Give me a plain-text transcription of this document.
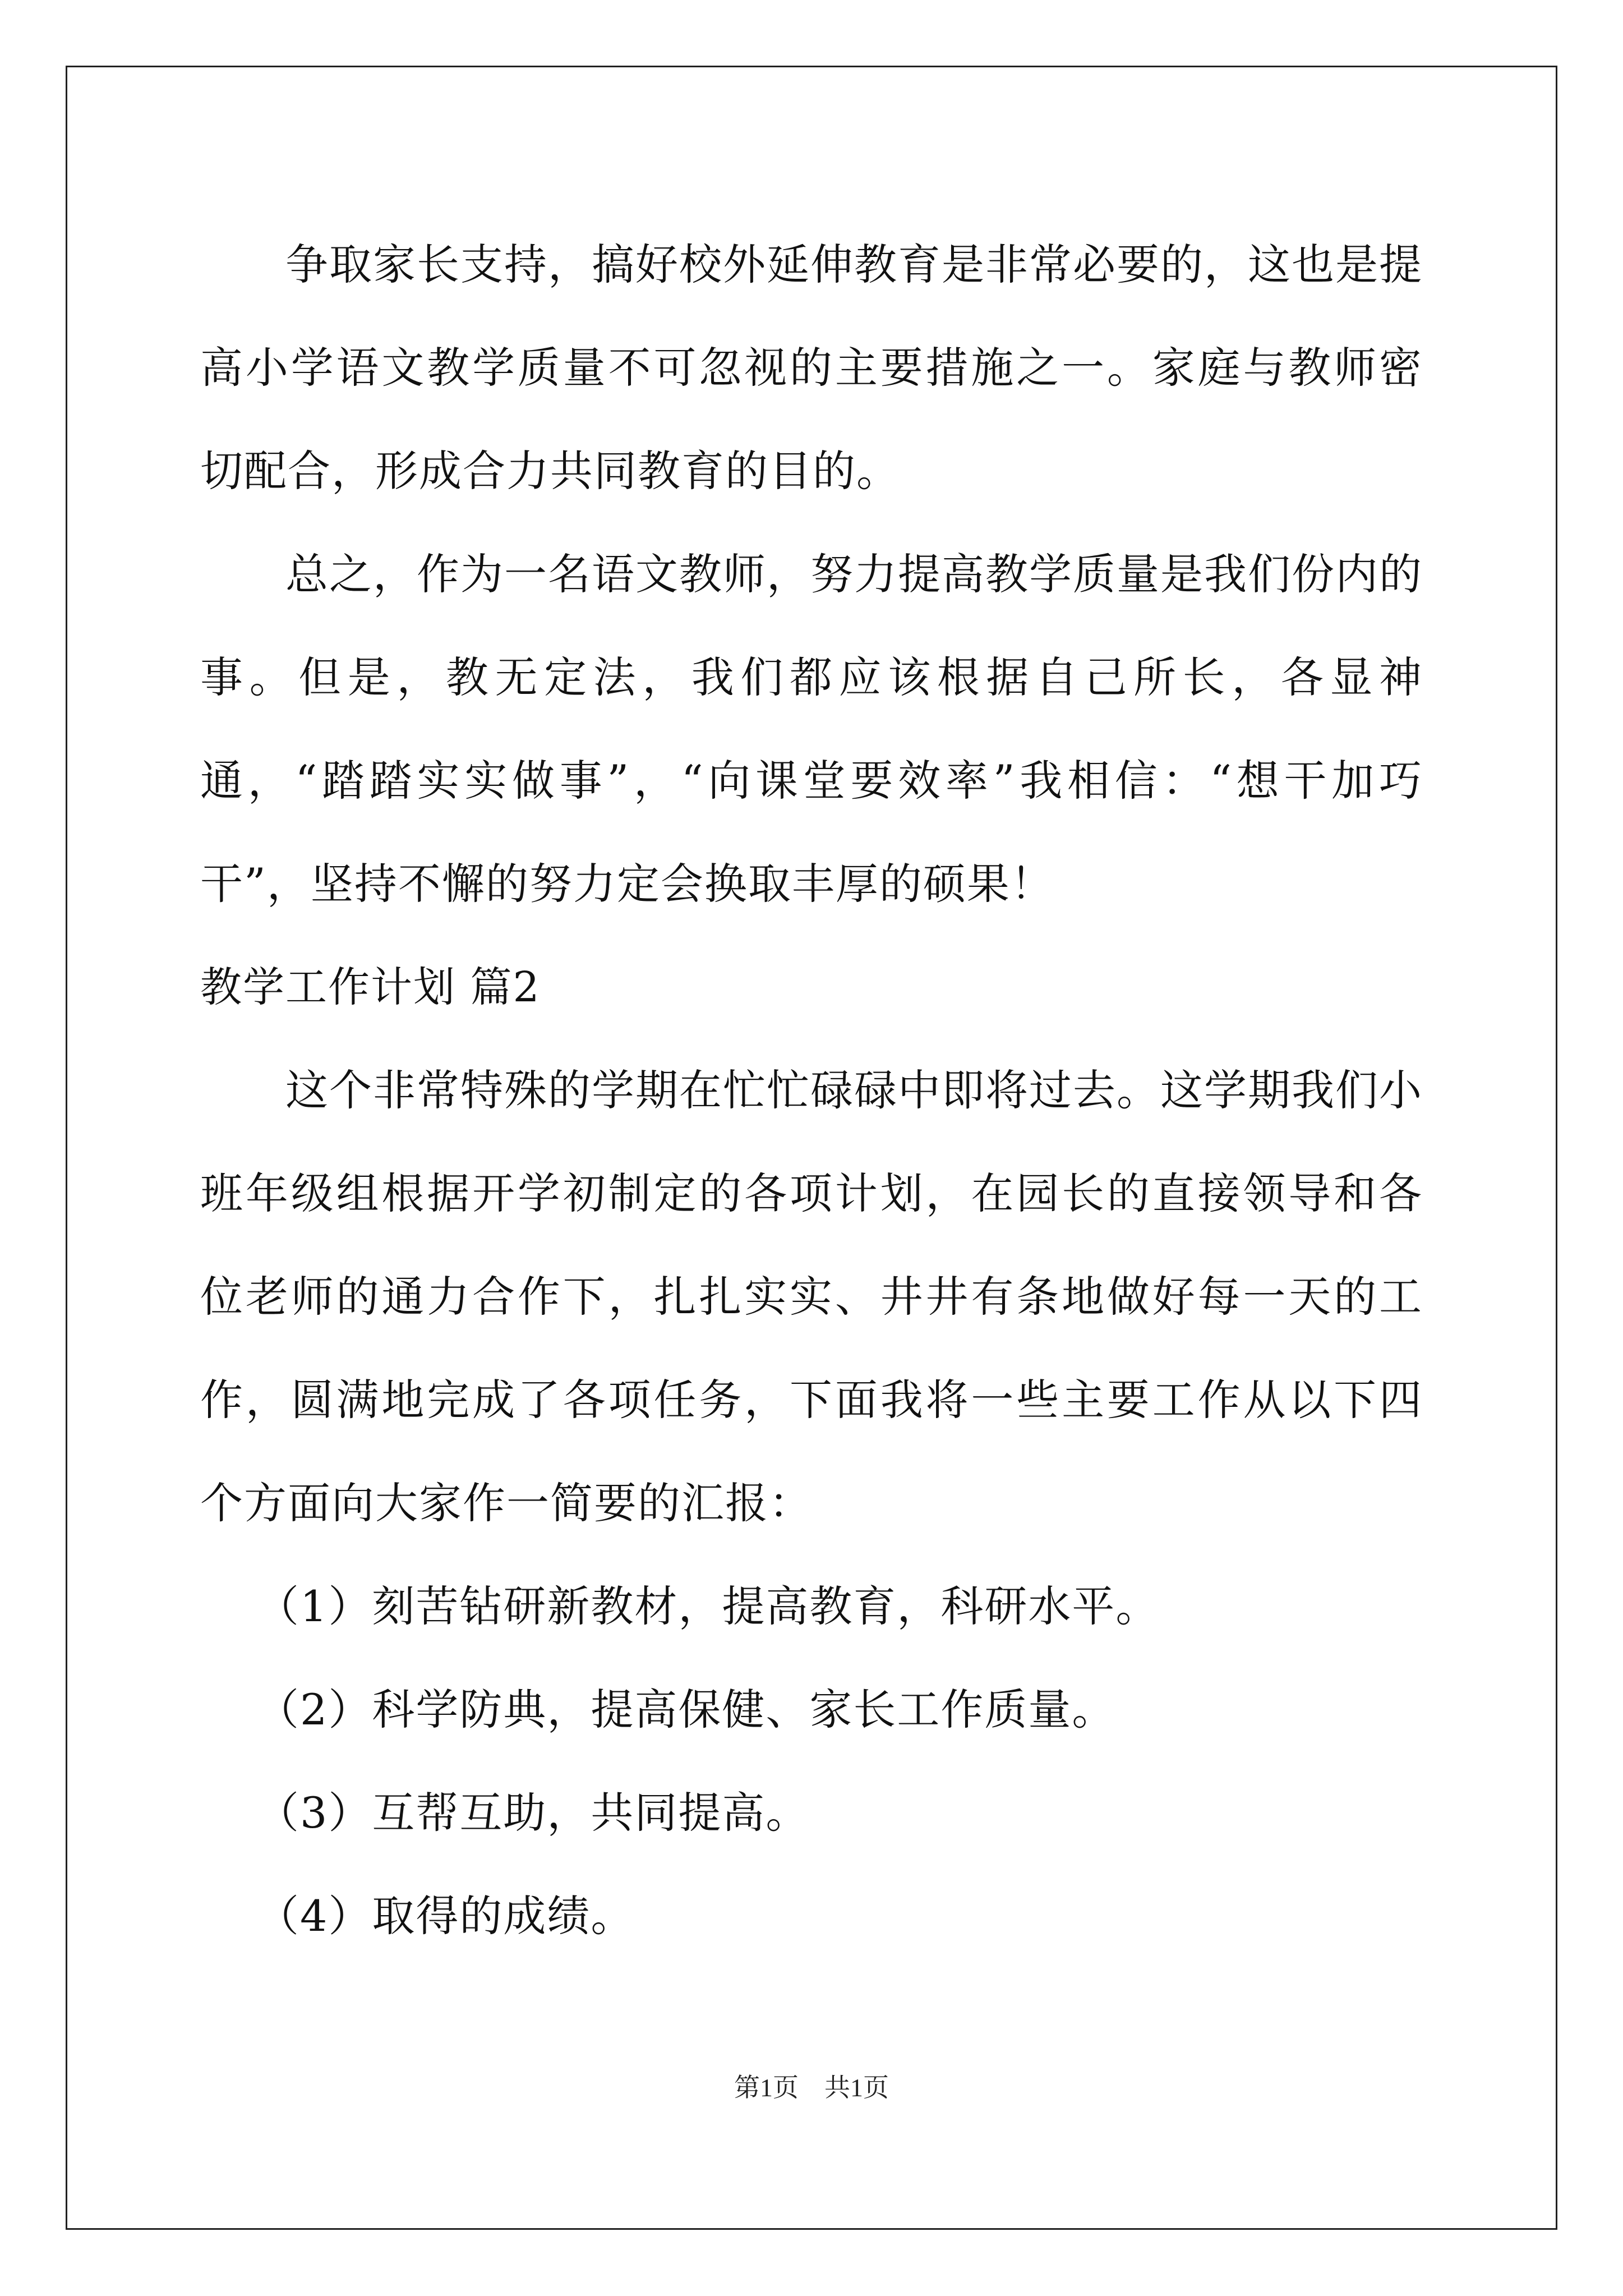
争取家长支持，搞好校外延伸教育是非常必要的，这也是提高小学语文教学质量不可忽视的主要措施之一。家庭与教师密切配合，形成合力共同教育的目的。

总之，作为一名语文教师，努力提高教学质量是我们份内的事。但是，教无定法，我们都应该根据自己所长，各显神通，“踏踏实实做事”，“向课堂要效率”我相信：“想干加巧干”，坚持不懈的努力定会换取丰厚的硕果！

教学工作计划 篇2

这个非常特殊的学期在忙忙碌碌中即将过去。这学期我们小班年级组根据开学初制定的各项计划，在园长的直接领导和各位老师的通力合作下，扎扎实实、井井有条地做好每一天的工作，圆满地完成了各项任务，下面我将一些主要工作从以下四个方面向大家作一简要的汇报：

（1）刻苦钻研新教材，提高教育，科研水平。

（2）科学防典，提高保健、家长工作质量。

（3）互帮互助，共同提高。

（4）取得的成绩。

第1页　共1页
